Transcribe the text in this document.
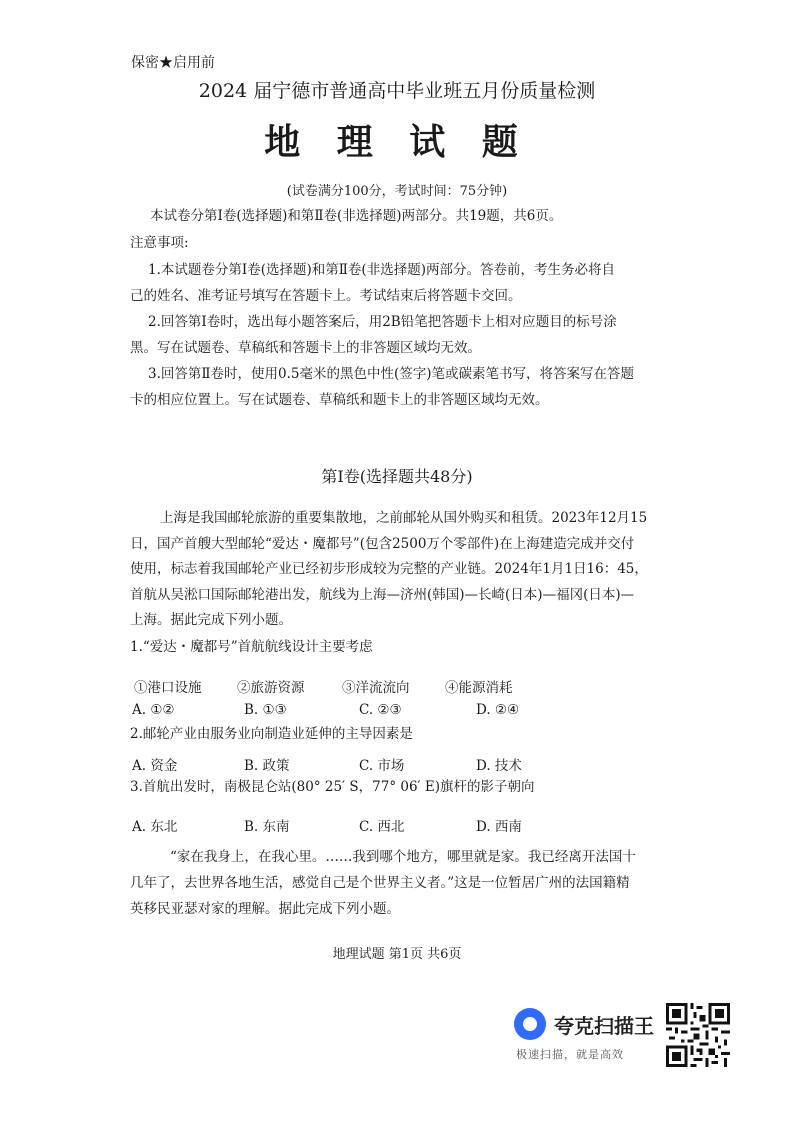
保密★启用前
2024 届宁德市普通高中毕业班五月份质量检测
地 理 试 题
(试卷满分100分，考试时间：75分钟)
本试卷分第Ⅰ卷(选择题)和第Ⅱ卷(非选择题)两部分。共19题，共6页。
注意事项:
1.本试题卷分第Ⅰ卷(选择题)和第Ⅱ卷(非选择题)两部分。答卷前，考生务必将自
己的姓名、准考证号填写在答题卡上。考试结束后将答题卡交回。
2.回答第Ⅰ卷时，选出每小题答案后，用2B铅笔把答题卡上相对应题目的标号涂
黑。写在试题卷、草稿纸和答题卡上的非答题区域均无效。
3.回答第Ⅱ卷时，使用0.5毫米的黑色中性(签字)笔或碳素笔书写，将答案写在答题
卡的相应位置上。写在试题卷、草稿纸和题卡上的非答题区域均无效。
第Ⅰ卷(选择题共48分)
上海是我国邮轮旅游的重要集散地，之前邮轮从国外购买和租赁。2023年12月15
日，国产首艘大型邮轮“爱达・魔都号”(包含2500万个零部件)在上海建造完成并交付
使用，标志着我国邮轮产业已经初步形成较为完整的产业链。2024年1月1日16：45，
首航从吴淞口国际邮轮港出发，航线为上海—济州(韩国)—长崎(日本)—福冈(日本)—
上海。据此完成下列小题。
1.“爱达・魔都号”首航航线设计主要考虑
①港口设施	②旅游资源	③洋流流向	④能源消耗
A. ①②	B. ①③	C. ②③	D. ②④
2.邮轮产业由服务业向制造业延伸的主导因素是
A. 资金	B. 政策	C. 市场	D. 技术
3.首航出发时，南极昆仑站(80° 25′ S，77° 06′ E)旗杆的影子朝向
A. 东北	B. 东南	C. 西北	D. 西南
“家在我身上，在我心里。……我到哪个地方，哪里就是家。我已经离开法国十
几年了，去世界各地生活，感觉自己是个世界主义者。”这是一位暂居广州的法国籍精
英移民亚瑟对家的理解。据此完成下列小题。
地理试题 第1页 共6页
夸克扫描王
极速扫描，就是高效
